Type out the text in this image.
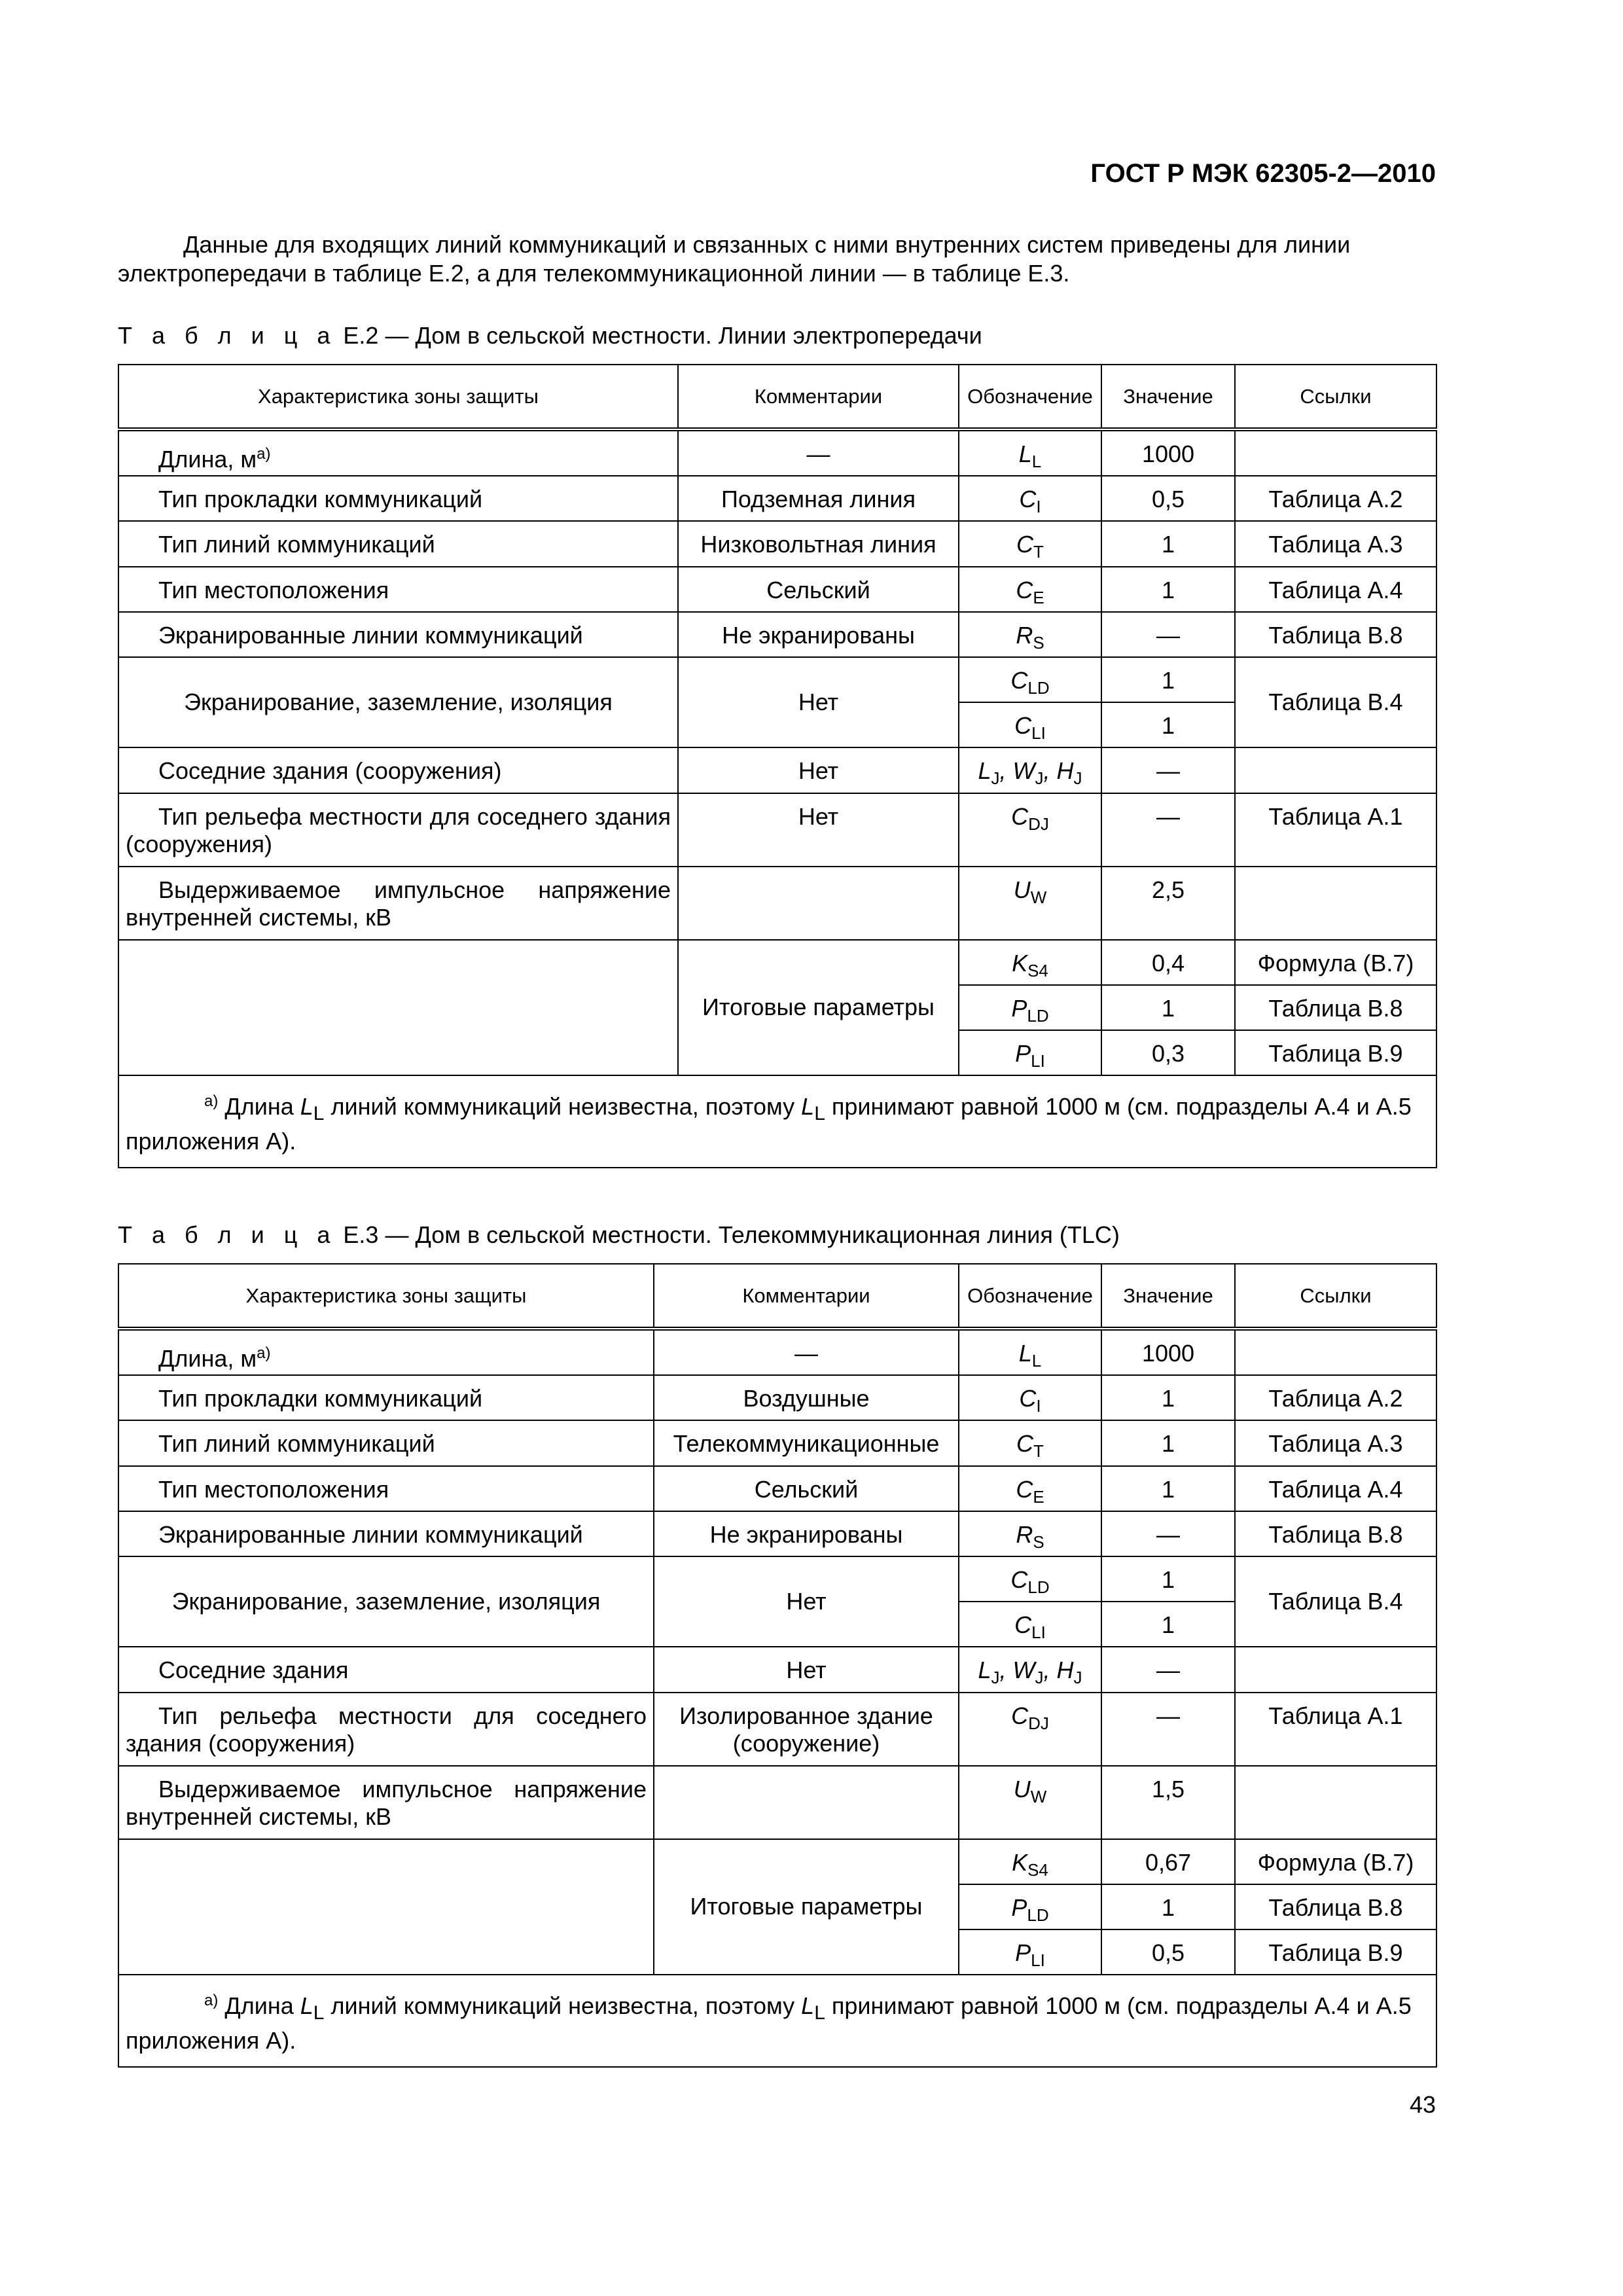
ГОСТ Р МЭК 62305-2—2010
Данные для входящих линий коммуникаций и связанных с ними внутренних систем приведены для линии электропередачи в таблице Е.2, а для телекоммуникационной линии — в таблице Е.3.
Т а б л и ц а Е.2 — Дом в сельской местности. Линии электропередачи
Характеристика зоны защиты	Комментарии	Обозначение	Значение	Ссылки
Длина, $м^{а)}$	—	$L_L$	1000	
Тип прокладки коммуникаций	Подземная линия	$C_I$	0,5	Таблица А.2
Тип линий коммуникаций	Низковольтная линия	$C_T$	1	Таблица А.3
Тип местоположения	Сельский	$C_E$	1	Таблица А.4
Экранированные линии коммуникаций	Не экранированы	$R_S$	—	Таблица В.8
Экранирование, заземление, изоляция	Нет	$C_{LD}$	1	Таблица В.4
		$C_{LI}$	1	
Соседние здания (сооружения)	Нет	$L_J$, $W_J$, $H_J$	—	
Тип рельефа местности для соседнего здания (сооружения)	Нет	$C_{DJ}$	—	Таблица А.1
Выдерживаемое импульсное напряжение внутренней системы, кВ		$U_W$	2,5	
	Итоговые параметры	$K_{S4}$	0,4	Формула (В.7)
		$P_{LD}$	1	Таблица В.8
		$P_{LI}$	0,3	Таблица В.9
$^{а)}$ Длина $L_L$ линий коммуникаций неизвестна, поэтому $L_L$ принимают равной 1000 м (см. подразделы А.4 и А.5 приложения А).				
Т а б л и ц а Е.3 — Дом в сельской местности. Телекоммуникационная линия (TLC)
Характеристика зоны защиты	Комментарии	Обозначение	Значение	Ссылки
Длина, $м^{а)}$	—	$L_L$	1000	
Тип прокладки коммуникаций	Воздушные	$C_I$	1	Таблица А.2
Тип линий коммуникаций	Телекоммуникационные	$C_T$	1	Таблица А.3
Тип местоположения	Сельский	$C_E$	1	Таблица А.4
Экранированные линии коммуникаций	Не экранированы	$R_S$	—	Таблица В.8
Экранирование, заземление, изоляция	Нет	$C_{LD}$	1	Таблица В.4
		$C_{LI}$	1	
Соседние здания	Нет	$L_J$, $W_J$, $H_J$	—	
Тип рельефа местности для соседнего здания (сооружения)	Изолированное здание (сооружение)	$C_{DJ}$	—	Таблица А.1
Выдерживаемое импульсное напряжение внутренней системы, кВ		$U_W$	1,5	
	Итоговые параметры	$K_{S4}$	0,67	Формула (В.7)
		$P_{LD}$	1	Таблица В.8
		$P_{LI}$	0,5	Таблица В.9
$^{а)}$ Длина $L_L$ линий коммуникаций неизвестна, поэтому $L_L$ принимают равной 1000 м (см. подразделы А.4 и А.5 приложения А).				
43
